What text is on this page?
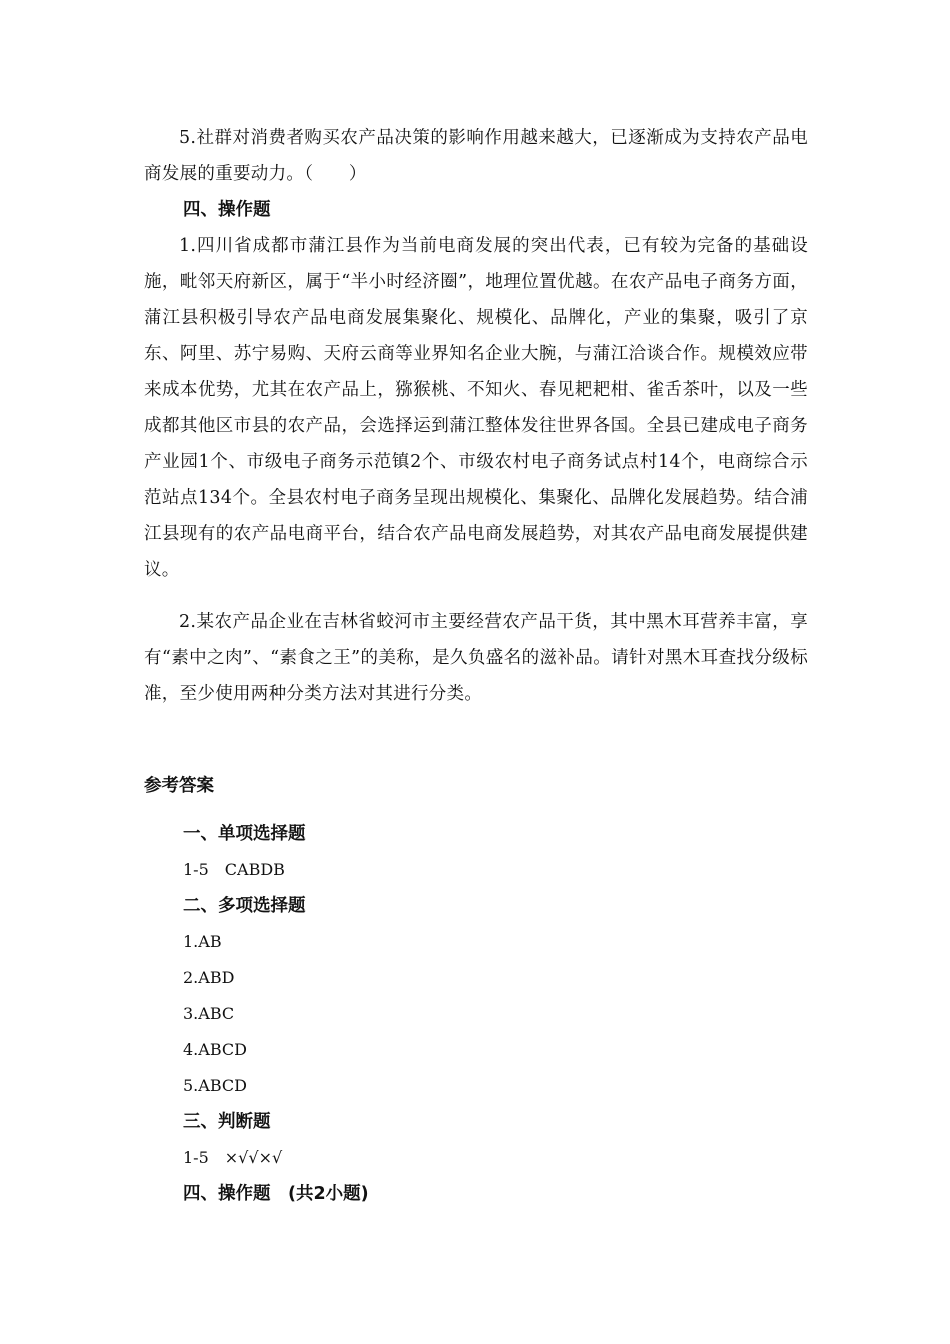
5.社群对消费者购买农产品决策的影响作用越来越大，已逐渐成为支持农产品电商发展的重要动力。（　　）

四、操作题

1.四川省成都市蒲江县作为当前电商发展的突出代表，已有较为完备的基础设施，毗邻天府新区，属于“半小时经济圈”，地理位置优越。在农产品电子商务方面，蒲江县积极引导农产品电商发展集聚化、规模化、品牌化，产业的集聚，吸引了京东、阿里、苏宁易购、天府云商等业界知名企业大腕，与蒲江洽谈合作。规模效应带来成本优势，尤其在农产品上，猕猴桃、不知火、春见耙耙柑、雀舌茶叶，以及一些成都其他区市县的农产品，会选择运到蒲江整体发往世界各国。全县已建成电子商务产业园1个、市级电子商务示范镇2个、市级农村电子商务试点村14个，电商综合示范站点134个。全县农村电子商务呈现出规模化、集聚化、品牌化发展趋势。结合浦江县现有的农产品电商平台，结合农产品电商发展趋势，对其农产品电商发展提供建议。

2.某农产品企业在吉林省蛟河市主要经营农产品干货，其中黑木耳营养丰富，享有“素中之肉”、“素食之王”的美称，是久负盛名的滋补品。请针对黑木耳查找分级标准，至少使用两种分类方法对其进行分类。

参考答案

一、单项选择题

1-5　CABDB

二、多项选择题

1.AB

2.ABD

3.ABC

4.ABCD

5.ABCD

三、判断题

1-5　×√√×√

四、操作题　(共2小题)
